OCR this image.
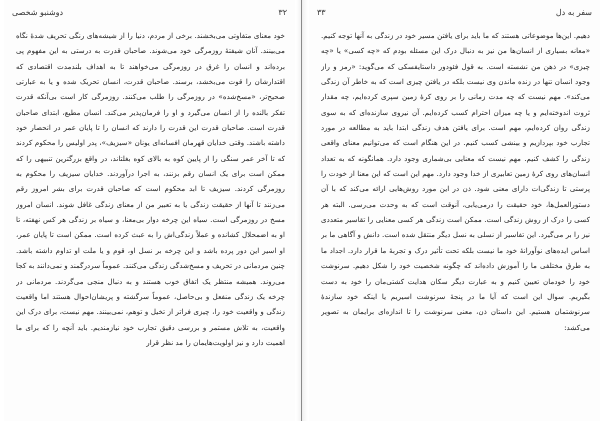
۳۲
دوشنبو شخصی

خود معنای متفاوتی می‌بخشند. برخی از مردم، دنیا را از شیشه‌های رنگی تحریف شدهٔ نگاه می‌بینند. آنان شیفتهٔ روزمرگی خود می‌شوند. صاحبان قدرت به درستی به این مفهوم پی برده‌اند و انسان را غرق در روزمرگی می‌خواهند تا به اهداف بلندمدت اقتصادی که اقتدارشان را قوت می‌بخشد، برسند. صاحبان قدرت، انسان تحریک شده و یا به عبارتی صحیح‌تر، «مسخ‌شده» در روزمرگی را طلب می‌کنند. روزمرگی کار است بی‌آنکه قدرت تفکر بالنده را از انسان می‌گیرد و او را فرمان‌پذیر می‌کند. انسان مطیع، ابتدای صاحبان قدرت است. صاحبان قدرت این قدرت را دارند که انسان را تا پایان عمر در انحصار خود داشته باشند. وقتی خدایان قهرمان افسانه‌ای یونان «سیزیف»، پدر اولیس را محکوم کردند که تا آخر عمر سنگی را از پایین کوه به بالای کوه بغلتاند، در واقع بزرگترین تنبیهی را که ممکن است برای یک انسان رقم بزنند، به اجرا درآوردند. خدایان سیزیف را محکوم به روزمرگی کردند. سیزیف تا ابد محکوم است که صاحبان قدرت برای بشر امروز رقم می‌زنند تا آنها از حقیقت زندگی یا به تعبیر من از معنای زندگی غافل شوند. انسان امروز مسخ در روزمرگی است. سیاه این چرخه دوار بی‌معنا، و سیاه بر زندگی هر کس نهفته، تا او به اضمحلال کشانده و عملاً زندگی‌اش را به عبث کرده است. ممکن است تا پایان عمر، او اسیر این دور پرده باشد و این چرخه بر نسل او، قوم و یا ملت او تداوم داشته باشد. چنین مردمانی در تحریف و مسخ‌شدگی زندگی می‌کنند. عموماً سردرگمند و نمی‌دانند به کجا می‌روند. همیشه منتظر یک اتفاق خوب هستند و به دنبال منجی می‌گردند. مردمانی در چرخه یک زندگی منفعل و بی‌حاصل، عموماً سرگشته و پریشان‌احوال هستند اما واقعیت زندگی و واقعیت خود را، چیزی فراتر از تخیل و توهم، نمی‌بینند. مهم نیست، برای درک این واقعیت، به تلاش مستمر و بررسی دقیق تجارب خود نیازمندیم. باید آنچه را که برای ما اهمیت دارد و نیز اولویت‌هایمان را مد نظر قرار

سفر به دل
۳۳

دهیم. این‌ها موضوعاتی هستند که ما باید برای یافتن مسیر خود در زندگی به آنها توجه کنیم. «معانه بسیاری از انسان‌ها من نیز به دنبال درک این مسئله بودم که «چه کسی» یا «چه چیزی» در ذهن من نشسته است. به قول فئودور داستایفسکی که می‌گوید: «رمز و راز وجود انسان تنها در زنده ماندن وی نیست بلکه در یافتن چیزی است که به خاطر آن زندگی می‌کند». مهم نیست که چه مدت زمانی را بر روی کرهٔ زمین سپری کرده‌ایم، چه مقدار ثروت اندوخته‌ایم و یا چه میزان احترام کسب کرده‌ایم. آن نیروی سازنده‌ای که به سوی زندگی روان کرده‌ایم، مهم است. برای یافتن هدف زندگی ابتدا باید به مطالعه در مورد تجارب خود بپردازیم و بینشی کسب کنیم. در این هنگام است که می‌توانیم معنای واقعی زندگی را کشف کنیم. مهم نیست که معنایی بی‌شماری وجود دارد. همانگونه که به تعداد انسان‌های روی کرهٔ زمین تعابیری از خدا وجود دارد. مهم این است که این معنا از خودت را پرستی تا زندگی‌ات دارای معنی شود. ذن در این مورد روش‌هایی ارائه می‌کند که با آن دستورالعمل‌ها، خود حقیقت را درمی‌یابی، آنوقت است که به وحدت می‌رسی. البته هر کسی را درک از روش زندگی است. ممکن است زندگی هر کسی معنایی را تقاسیر متعددی نیز را بر می‌گیرد. این تفاسیر از نسلی به نسل دیگر منتقل شده است. دانش و آگاهی ما بر اساس ایده‌های نوآورانهٔ خود ما نیست بلکه تحت تأثیر درک و تجربهٔ ما قرار دارد. اجداد ما به طرق مختلفی ما را آموزش داده‌اند که چگونه شخصیت خود را شکل دهیم. سرنوشت خود را خودمان تعیین کنیم و به عبارت دیگر سکان هدایت کشتی‌مان را خود به دست بگیریم. سوال این است که آیا ما در پنجهٔ سرنوشت اسیریم یا اینکه خود سازندهٔ سرنوشتمان هستیم. این داستان ذن، معنی سرنوشت را تا اندازه‌ای برایمان به تصویر می‌کشد:
